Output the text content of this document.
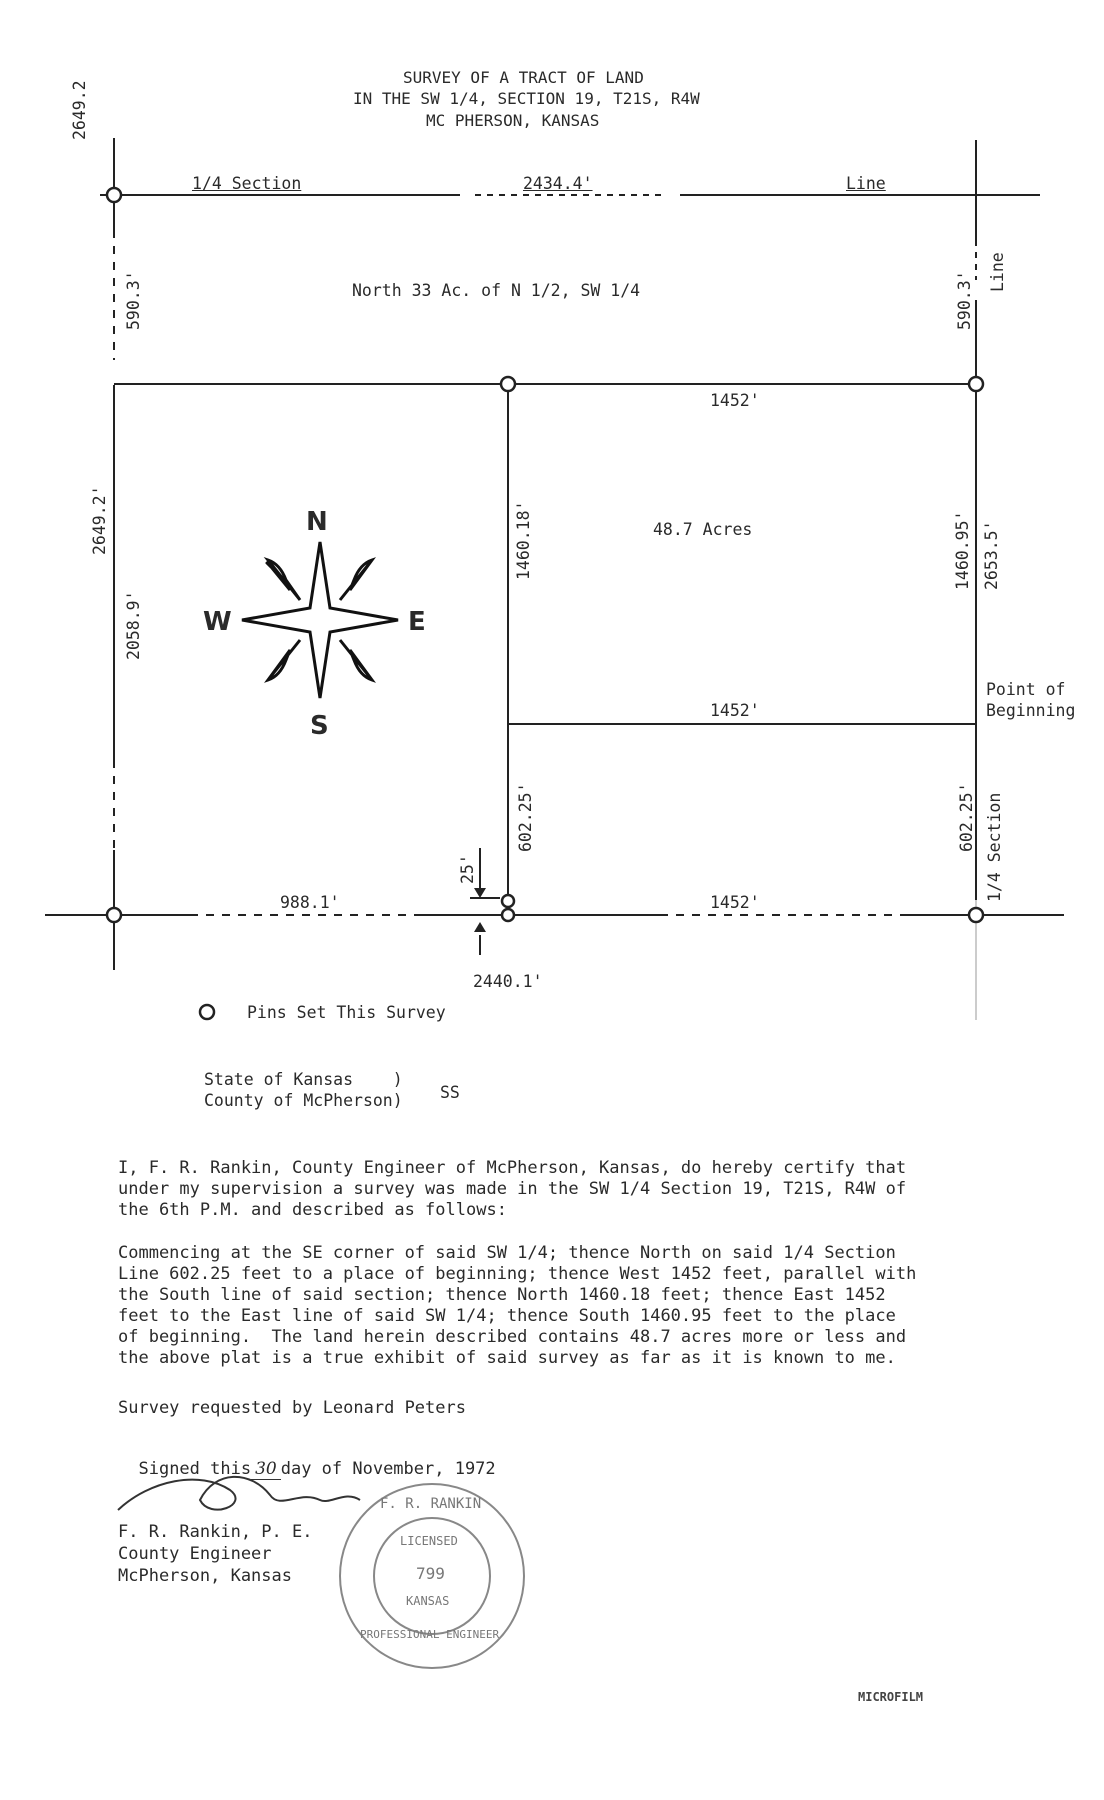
SURVEY OF A TRACT OF LAND
IN THE SW 1/4, SECTION 19, T21S, R4W
MC PHERSON, KANSAS
1/4 Section	2434.4'	Line
2649.2
590.3'
2649.2'
2058.9'
North 33 Ac. of N 1/2, SW 1/4	590.3' Line
1452'
1460.18'	48.7 Acres	1460.95' 2653.5'
N
W	E
S
Point of
Beginning
1452'
602.25'	602.25' 1/4 Section
25'
988.1'	1452'
2440.1'
Pins Set This Survey
State of Kansas    )
County of McPherson) SS
I, F. R. Rankin, County Engineer of McPherson, Kansas, do hereby certify that
under my supervision a survey was made in the SW 1/4 Section 19, T21S, R4W of
the 6th P.M. and described as follows:
Commencing at the SE corner of said SW 1/4; thence North on said 1/4 Section
Line 602.25 feet to a place of beginning; thence West 1452 feet, parallel with
the South line of said section; thence North 1460.18 feet; thence East 1452
feet to the East line of said SW 1/4; thence South 1460.95 feet to the place
of beginning.  The land herein described contains 48.7 acres more or less and
the above plat is a true exhibit of said survey as far as it is known to me.
Survey requested by Leonard Peters

Signed this 30 day of November, 1972

F. R. Rankin, P. E.
County Engineer
McPherson, Kansas
F. R. RANKIN
LICENSED
799
KANSAS
PROFESSIONAL ENGINEER
MICROFILM
